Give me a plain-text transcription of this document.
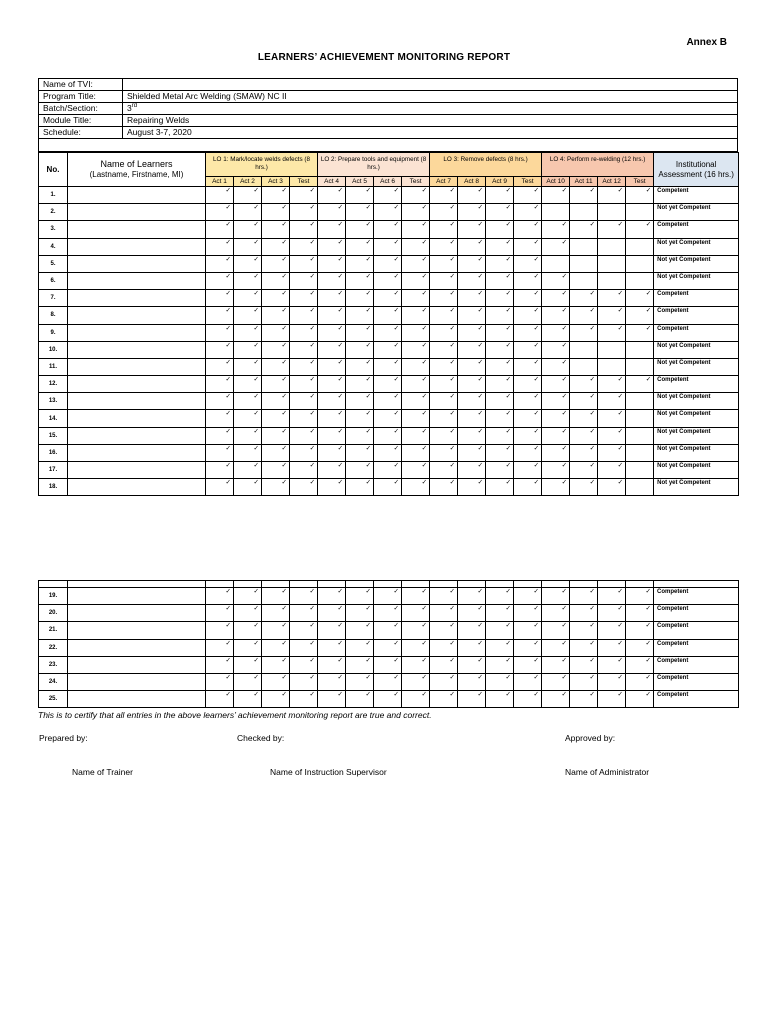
Annex B
LEARNERS’ ACHIEVEMENT MONITORING REPORT
Name of TVI:	
Program Title:	Shielded Metal Arc Welding (SMAW) NC II
Batch/Section:	3rd
Module Title:	Repairing Welds
Schedule:	August 3-7, 2020

No.	Name of Learners
(Lastname, Firstname, MI)	LO 1: Mark/locate welds defects (8 hrs.)				LO 2: Prepare tools and equipment (8 hrs.)				LO 3: Remove defects (8 hrs.)				LO 4: Perform re-welding (12 hrs.)				Institutional Assessment (16 hrs.)
		Act 1	Act 2	Act 3	Test	Act 4	Act 5	Act 6	Test	Act 7	Act 8	Act 9	Test	Act 10	Act 11	Act 12	Test	
1.		✓	✓	✓	✓	✓	✓	✓	✓	✓	✓	✓	✓	✓	✓	✓	✓	Competent
2.		✓	✓	✓	✓	✓	✓	✓	✓	✓	✓	✓	✓					Not yet Competent
3.		✓	✓	✓	✓	✓	✓	✓	✓	✓	✓	✓	✓	✓	✓	✓	✓	Competent
4.		✓	✓	✓	✓	✓	✓	✓	✓	✓	✓	✓	✓	✓				Not yet Competent
5.		✓	✓	✓	✓	✓	✓	✓	✓	✓	✓	✓	✓					Not yet Competent
6.		✓	✓	✓	✓	✓	✓	✓	✓	✓	✓	✓	✓	✓				Not yet Competent
7.		✓	✓	✓	✓	✓	✓	✓	✓	✓	✓	✓	✓	✓	✓	✓	✓	Competent
8.		✓	✓	✓	✓	✓	✓	✓	✓	✓	✓	✓	✓	✓	✓	✓	✓	Competent
9.		✓	✓	✓	✓	✓	✓	✓	✓	✓	✓	✓	✓	✓	✓	✓	✓	Competent
10.		✓	✓	✓	✓	✓	✓	✓	✓	✓	✓	✓	✓	✓				Not yet Competent
11.		✓	✓	✓	✓	✓	✓	✓	✓	✓	✓	✓	✓	✓				Not yet Competent
12.		✓	✓	✓	✓	✓	✓	✓	✓	✓	✓	✓	✓	✓	✓	✓	✓	Competent
13.		✓	✓	✓	✓	✓	✓	✓	✓	✓	✓	✓	✓	✓	✓	✓		Not yet Competent
14.		✓	✓	✓	✓	✓	✓	✓	✓	✓	✓	✓	✓	✓	✓	✓		Not yet Competent
15.		✓	✓	✓	✓	✓	✓	✓	✓	✓	✓	✓	✓	✓	✓	✓		Not yet Competent
16.		✓	✓	✓	✓	✓	✓	✓	✓	✓	✓	✓	✓	✓	✓	✓		Not yet Competent
17.		✓	✓	✓	✓	✓	✓	✓	✓	✓	✓	✓	✓	✓	✓	✓		Not yet Competent
18.		✓	✓	✓	✓	✓	✓	✓	✓	✓	✓	✓	✓	✓	✓	✓		Not yet Competent

19.		✓	✓	✓	✓	✓	✓	✓	✓	✓	✓	✓	✓	✓	✓	✓	✓	Competent
20.		✓	✓	✓	✓	✓	✓	✓	✓	✓	✓	✓	✓	✓	✓	✓	✓	Competent
21.		✓	✓	✓	✓	✓	✓	✓	✓	✓	✓	✓	✓	✓	✓	✓	✓	Competent
22.		✓	✓	✓	✓	✓	✓	✓	✓	✓	✓	✓	✓	✓	✓	✓	✓	Competent
23.		✓	✓	✓	✓	✓	✓	✓	✓	✓	✓	✓	✓	✓	✓	✓	✓	Competent
24.		✓	✓	✓	✓	✓	✓	✓	✓	✓	✓	✓	✓	✓	✓	✓	✓	Competent
25.		✓	✓	✓	✓	✓	✓	✓	✓	✓	✓	✓	✓	✓	✓	✓	✓	Competent
This is to certify that all entries in the above learners’ achievement monitoring report are true and correct.
Prepared by:	Checked by:	Approved by:
Name of Trainer	Name of Instruction Supervisor	Name of Administrator
